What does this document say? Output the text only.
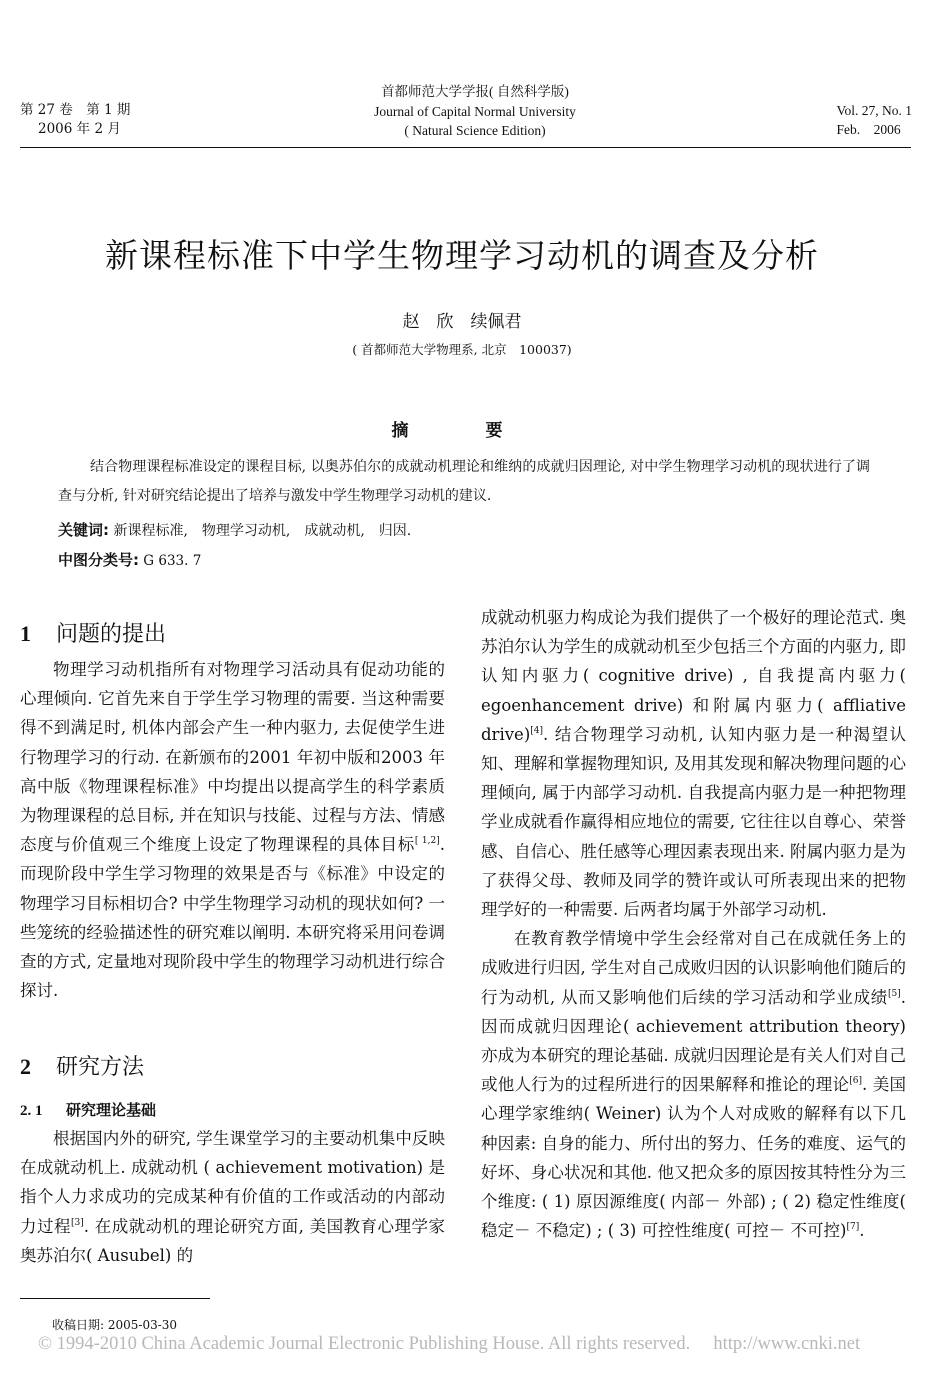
第 27 卷　第 1 期
2006 年 2 月
首都师范大学学报( 自然科学版)
Journal of Capital Normal University
( Natural Science Edition)
Vol. 27, No. 1
Feb.　2006
新课程标准下中学生物理学习动机的调查及分析
赵　欣　续佩君
( 首都师范大学物理系, 北京　100037)
摘　要
结合物理课程标准设定的课程目标, 以奥苏伯尔的成就动机理论和维纳的成就归因理论, 对中学生物理学习动机的现状进行了调查与分析, 针对研究结论提出了培养与激发中学生物理学习动机的建议.
关键词: 新课程标准,　物理学习动机,　成就动机,　归因.
中图分类号: G 633. 7
1 问题的提出

物理学习动机指所有对物理学习活动具有促动功能的心理倾向. 它首先来自于学生学习物理的需要. 当这种需要得不到满足时, 机体内部会产生一种内驱力, 去促使学生进行物理学习的行动. 在新颁布的2001 年初中版和2003 年高中版《物理课程标准》中均提出以提高学生的科学素质为物理课程的总目标, 并在知识与技能、过程与方法、情感态度与价值观三个维度上设定了物理课程的具体目标[ 1,2]. 而现阶段中学生学习物理的效果是否与《标准》中设定的物理学习目标相切合? 中学生物理学习动机的现状如何? 一些笼统的经验描述性的研究难以阐明. 本研究将采用问卷调查的方式, 定量地对现阶段中学生的物理学习动机进行综合探讨.

2 研究方法
2. 1 研究理论基础

根据国内外的研究, 学生课堂学习的主要动机集中反映在成就动机上. 成就动机 ( achievement motivation) 是指个人力求成功的完成某种有价值的工作或活动的内部动力过程[3]. 在成就动机的理论研究方面, 美国教育心理学家奥苏泊尔( Ausubel) 的

成就动机驱力构成论为我们提供了一个极好的理论范式. 奥苏泊尔认为学生的成就动机至少包括三个方面的内驱力, 即认知内驱力( cognitive drive) , 自我提高内驱力( egoenhancement drive) 和附属内驱力( affliative drive)[4]. 结合物理学习动机, 认知内驱力是一种渴望认知、理解和掌握物理知识, 及用其发现和解决物理问题的心理倾向, 属于内部学习动机. 自我提高内驱力是一种把物理学业成就看作赢得相应地位的需要, 它往往以自尊心、荣誉感、自信心、胜任感等心理因素表现出来. 附属内驱力是为了获得父母、教师及同学的赞许或认可所表现出来的把物理学好的一种需要. 后两者均属于外部学习动机.

在教育教学情境中学生会经常对自己在成就任务上的成败进行归因, 学生对自己成败归因的认识影响他们随后的行为动机, 从而又影响他们后续的学习活动和学业成绩[5]. 因而成就归因理论( achievement attribution theory) 亦成为本研究的理论基础. 成就归因理论是有关人们对自己或他人行为的过程所进行的因果解释和推论的理论[6]. 美国心理学家维纳( Weiner) 认为个人对成败的解释有以下几种因素: 自身的能力、所付出的努力、任务的难度、运气的好坏、身心状况和其他. 他又把众多的原因按其特性分为三个维度: ( 1) 原因源维度( 内部－ 外部) ; ( 2) 稳定性维度( 稳定－ 不稳定) ; ( 3) 可控性维度( 可控－ 不可控)[7].

收稿日期: 2005-03-30
© 1994-2010 China Academic Journal Electronic Publishing House. All rights reserved.　 http://www.cnki.net
